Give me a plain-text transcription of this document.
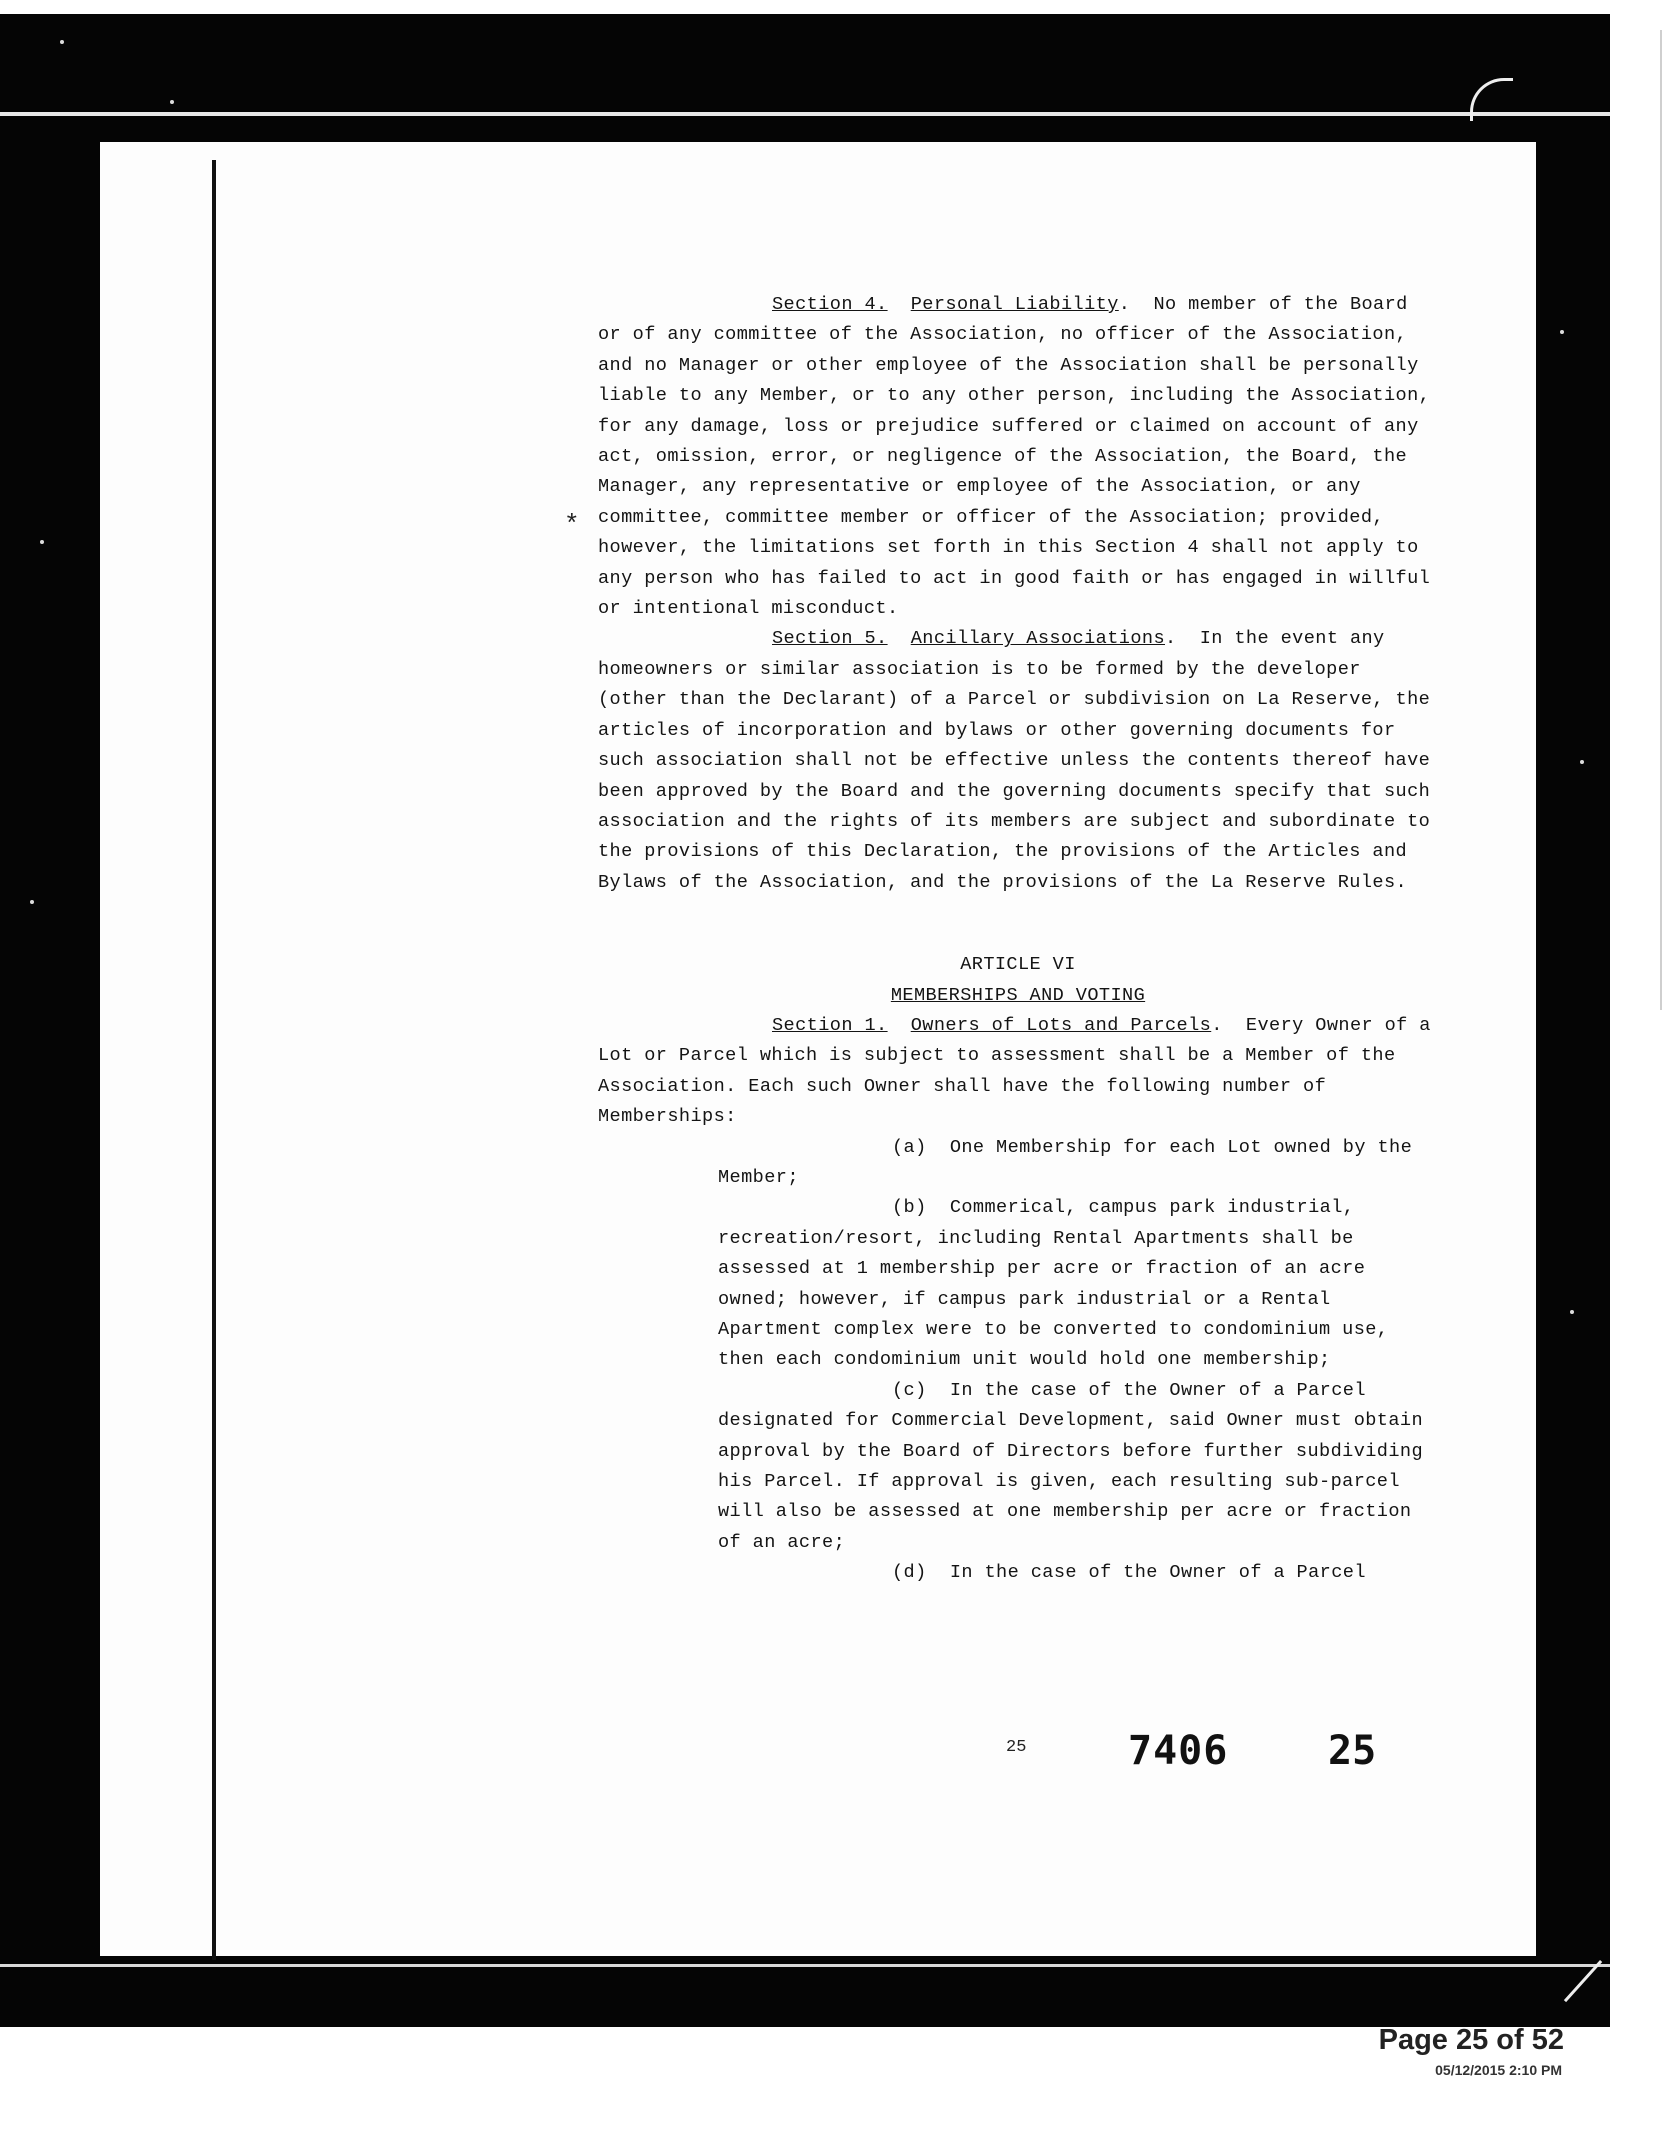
*

Section 4. Personal Liability.  No member of the Board or of any committee of the Association, no officer of the Association, and no Manager or other employee of the Association shall be personally liable to any Member, or to any other person, including the Association, for any damage, loss or prejudice suffered or claimed on account of any act, omission, error, or negligence of the Association, the Board, the Manager, any representative or employee of the Association, or any committee, committee member or officer of the Association; provided, however, the limitations set forth in this Section 4 shall not apply to any person who has failed to act in good faith or has engaged in willful or intentional misconduct.

Section 5. Ancillary Associations.  In the event any homeowners or similar association is to be formed by the developer (other than the Declarant) of a Parcel or subdivision on La Reserve, the articles of incorporation and bylaws or other governing documents for such association shall not be effective unless the contents thereof have been approved by the Board and the governing documents specify that such association and the rights of its members are subject and subordinate to the provisions of this Declaration, the provisions of the Articles and Bylaws of the Association, and the provisions of the La Reserve Rules.

ARTICLE VI

MEMBERSHIPS AND VOTING

Section 1. Owners of Lots and Parcels.  Every Owner of a Lot or Parcel which is subject to assessment shall be a Member of the Association. Each such Owner shall have the following number of Memberships:

(a) One Membership for each Lot owned by the Member;

(b) Commerical, campus park industrial, recreation/resort, including Rental Apartments shall be assessed at 1 membership per acre or fraction of an acre owned; however, if campus park industrial or a Rental Apartment complex were to be converted to condominium use, then each condominium unit would hold one membership;

(c) In the case of the Owner of a Parcel designated for Commercial Development, said Owner must obtain approval by the Board of Directors before further subdividing his Parcel. If approval is given, each resulting sub-parcel will also be assessed at one membership per acre or fraction of an acre;

(d) In the case of the Owner of a Parcel

25	7406 25
Page 25 of 52
05/12/2015 2:10 PM
